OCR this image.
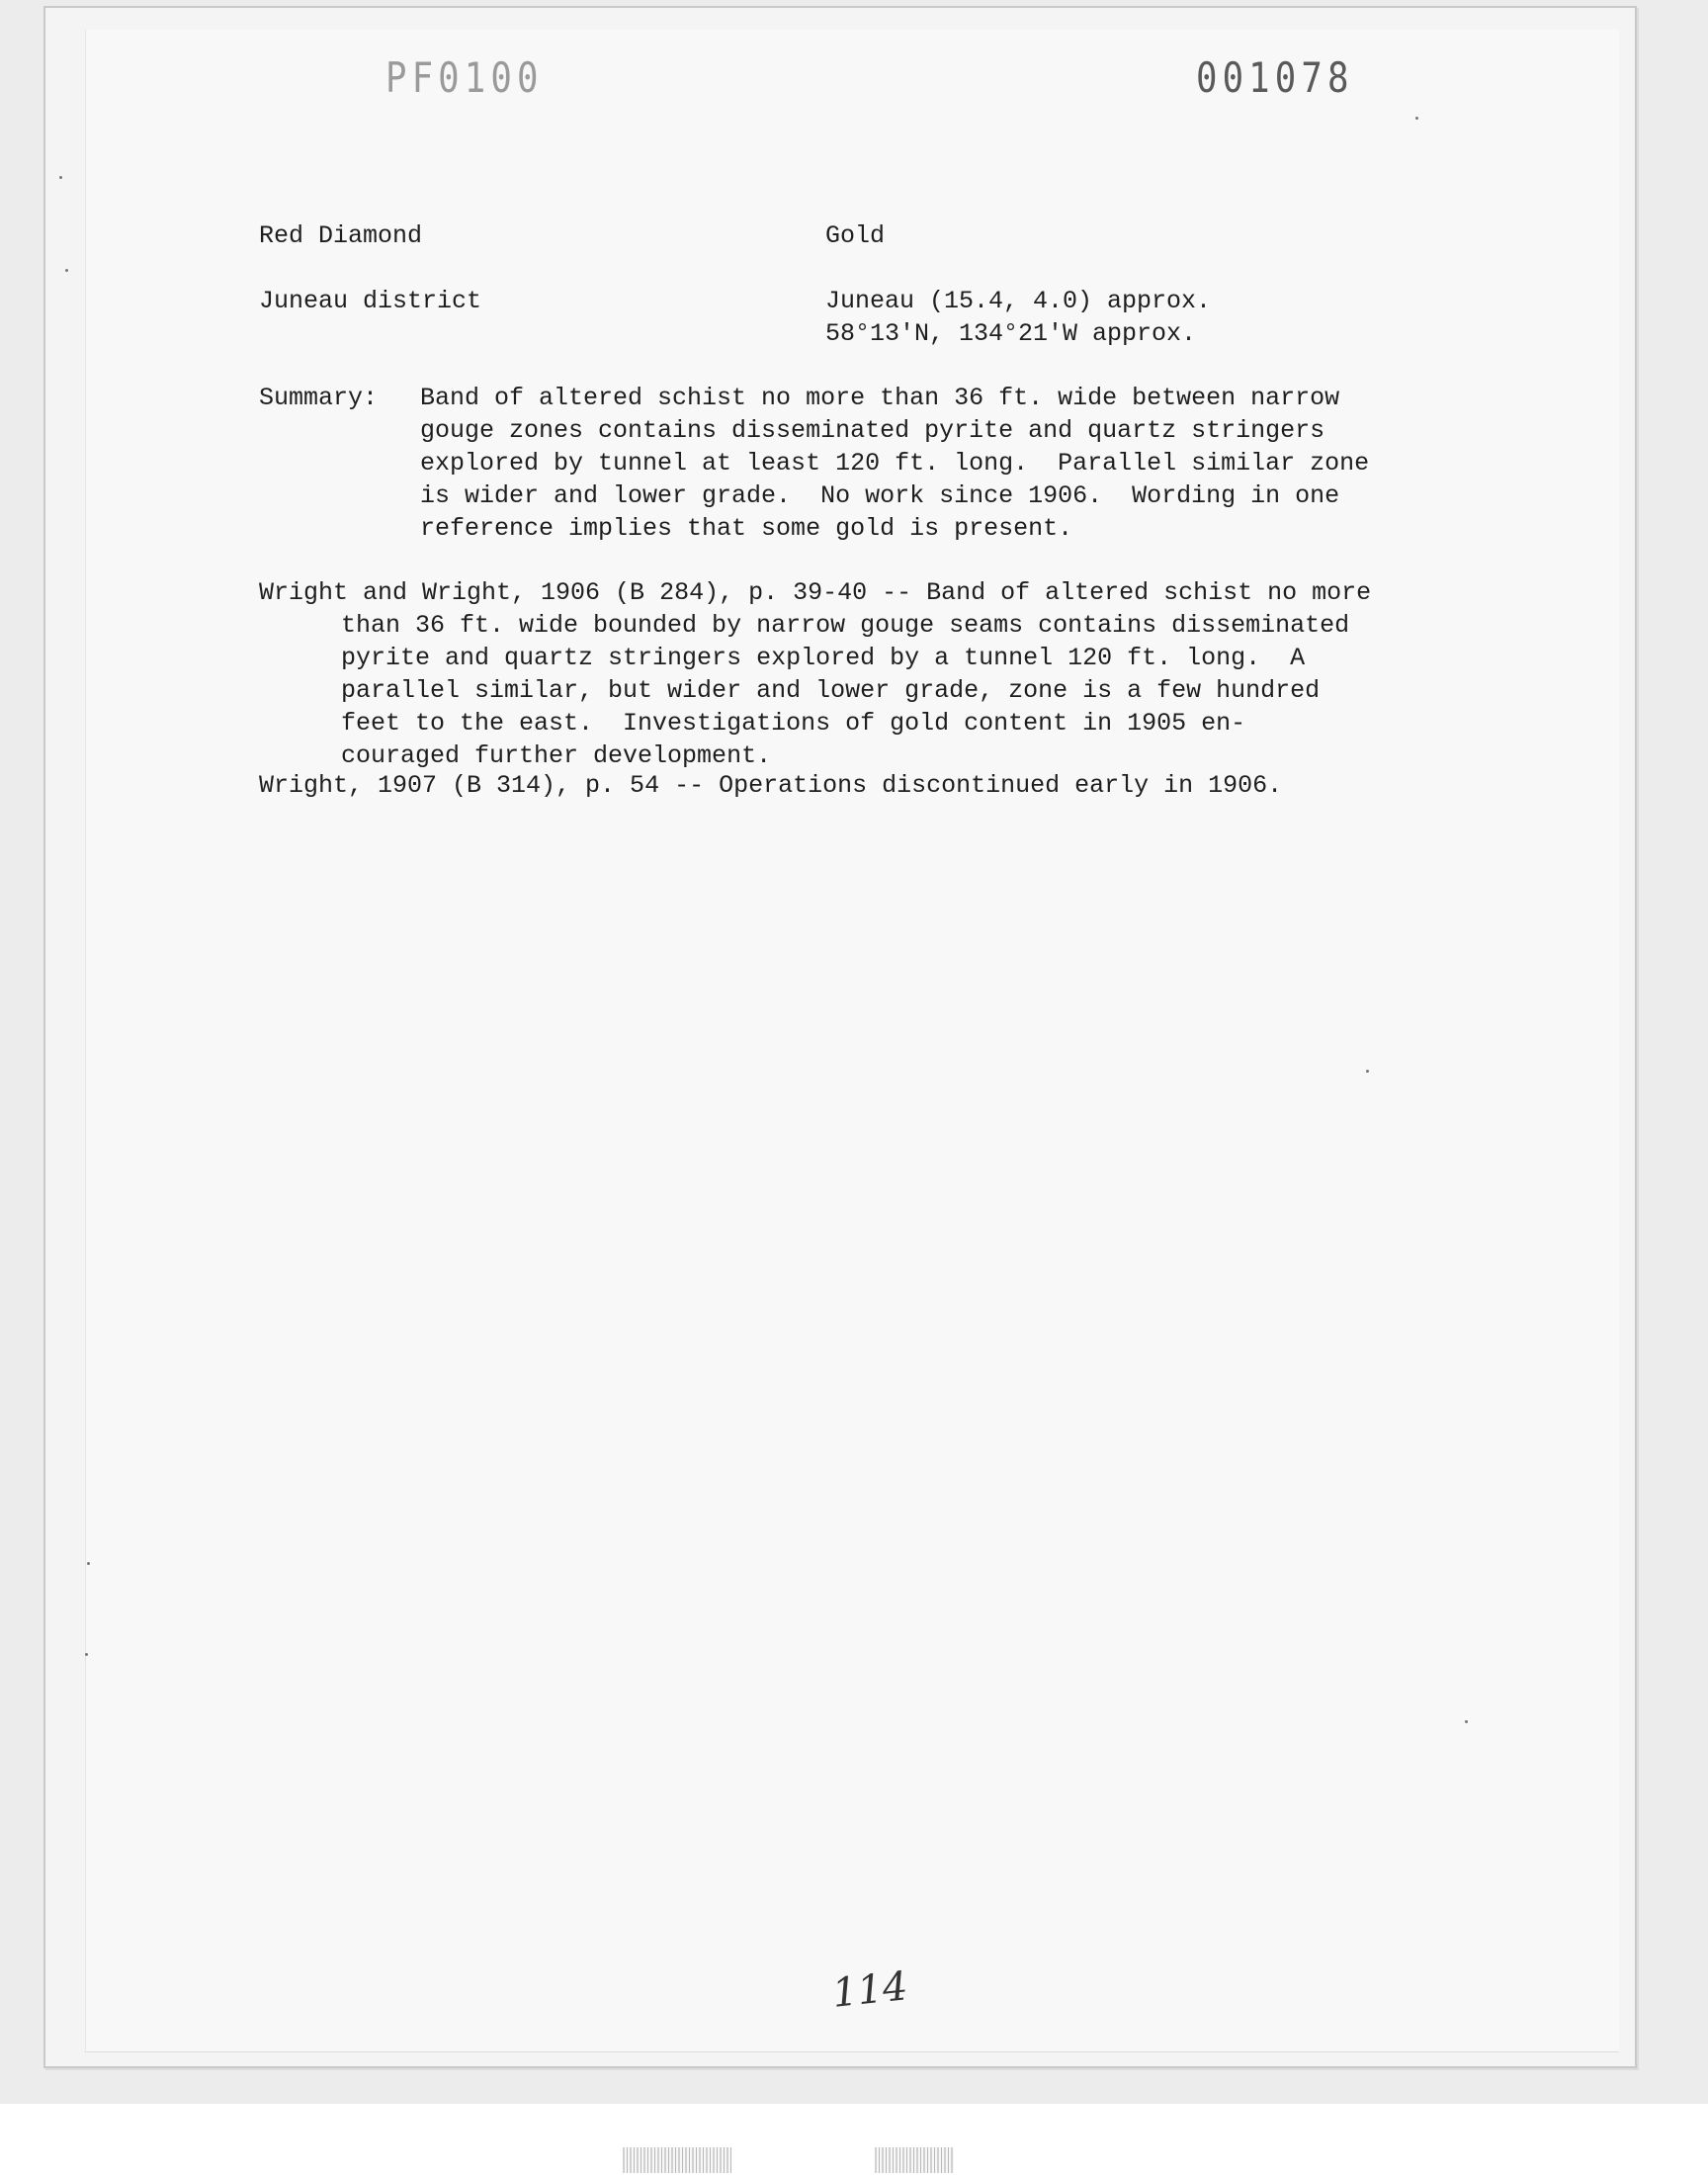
PF0100	001078
Red Diamond	Gold
Juneau district	Juneau (15.4, 4.0) approx.
58°13'N, 134°21'W approx.
Summary: Band of altered schist no more than 36 ft. wide between narrow
gouge zones contains disseminated pyrite and quartz stringers
explored by tunnel at least 120 ft. long.  Parallel similar zone
is wider and lower grade.  No work since 1906.  Wording in one
reference implies that some gold is present.
Wright and Wright, 1906 (B 284), p. 39-40 -- Band of altered schist no more
than 36 ft. wide bounded by narrow gouge seams contains disseminated
pyrite and quartz stringers explored by a tunnel 120 ft. long.  A
parallel similar, but wider and lower grade, zone is a few hundred
feet to the east.  Investigations of gold content in 1905 en-
couraged further development.
Wright, 1907 (B 314), p. 54 -- Operations discontinued early in 1906.
114
